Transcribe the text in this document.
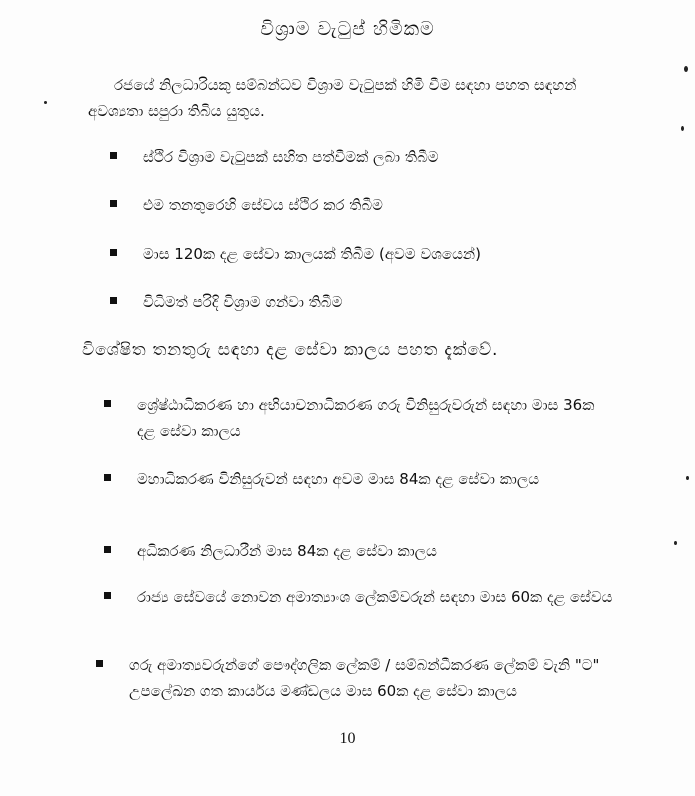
විශ්‍රාම වැටුප් හිමිකම
රජයේ නිලධාරියකු සම්බන්ධව විශ්‍රාම වැටුපක් හිමි වීම සඳහා පහත සඳහන් අවශ්‍යතා සපුරා තිබිය යුතුය.
ස්ථිර විශ්‍රාම වැටුපක් සහිත පත්වීමක් ලබා තිබීම
එම තනතුරෙහි සේවය ස්ථිර කර තිබීම
මාස 120ක දළ සේවා කාලයක් තිබීම (අවම වශයෙන්)
විධිමත් පරිදි විශ්‍රාම ගන්වා තිබීම
විශේෂිත තනතුරු සඳහා දළ සේවා කාලය පහත දැක්වේ.
ශ්‍රේෂ්ඨාධිකරණ හා අභියාචනාධිකරණ ගරු විනිසුරුවරුන් සඳහා මාස 36ක දළ සේවා කාලය
මහාධිකරණ විනිසුරුවන් සඳහා අවම මාස 84ක දළ සේවා කාලය
අධිකරණ නිලධාරීන් මාස 84ක දළ සේවා කාලය
රාජ්‍ය සේවයේ නොවන අමාත්‍යාංශ ලේකම්වරුන් සඳහා මාස 60ක දළ සේවය
ගරු අමාත්‍යවරුන්ගේ පෞද්ගලික ලේකම් / සම්බන්ධීකරණ ලේකම් වැනි "ට" උපලේඛන ගත කාර්යය මණ්ඩලය මාස 60ක දළ සේවා කාලය
10
